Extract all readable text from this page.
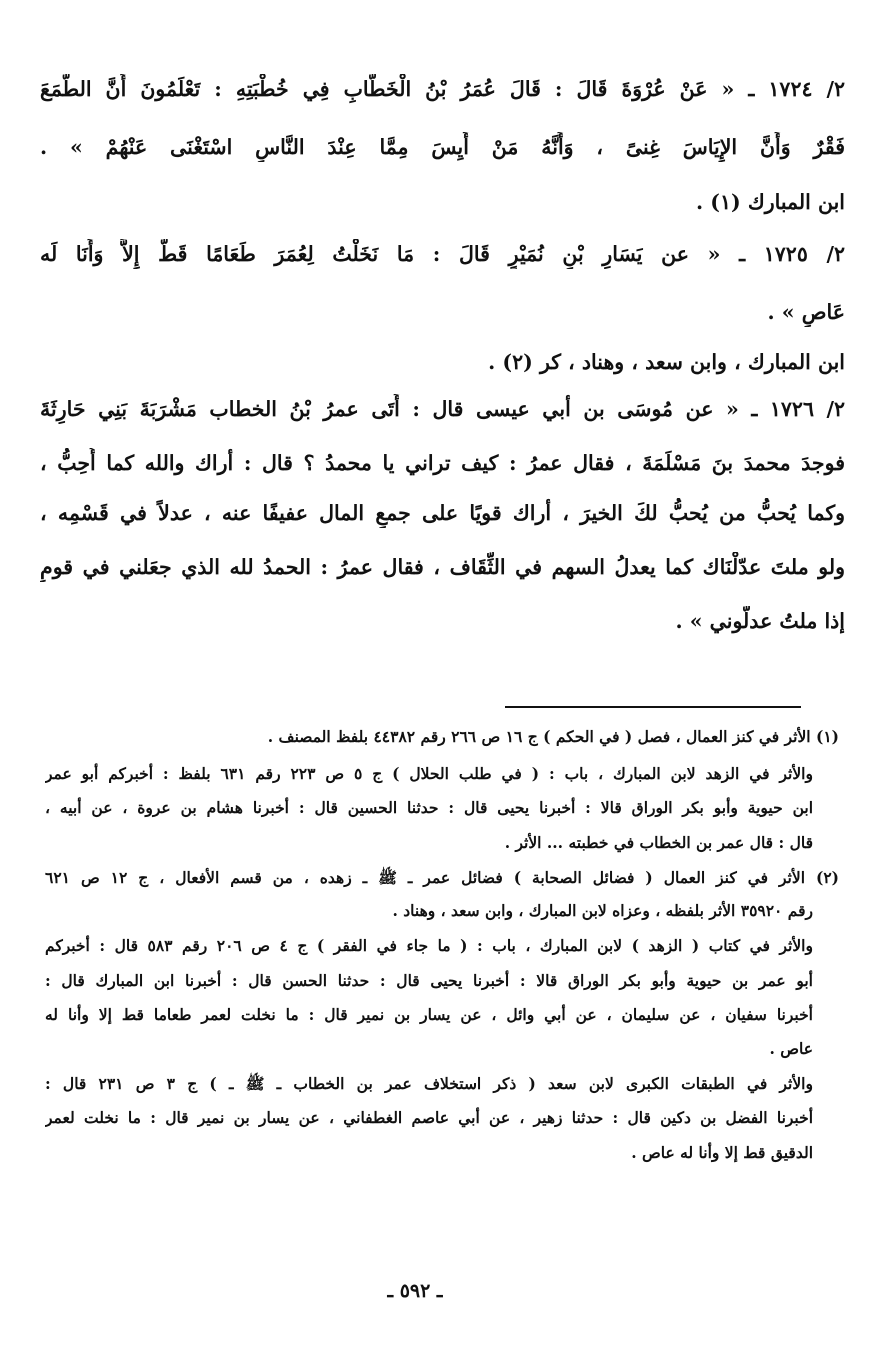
٢/ ١٧٢٤ ـ « عَنْ عُرْوَةَ قَالَ : قَالَ عُمَرُ بْنُ الْخَطَّابِ فِي خُطْبَتِهِ : تَعْلَمُونَ أَنَّ الطَّمَعَ

فَقْرٌ وَأَنَّ الإِيَاسَ غِنىً ، وَأَنَّهُ مَنْ أَيِسَ مِمَّا عِنْدَ النَّاسِ اسْتَغْنَى عَنْهُمْ » .

ابن المبارك (١) .

٢/ ١٧٢٥ ـ « عن يَسَارِ بْنِ نُمَيْرٍ قَالَ : مَا نَخَلْتُ لِعُمَرَ طَعَامًا قَطُّ إِلاَّ وَأَنَا لَه

عَاصٍ » .

ابن المبارك ، وابن سعد ، وهناد ، كر (٢) .

٢/ ١٧٢٦ ـ « عن مُوسَى بن أبي عيسى قال : أَتَى عمرُ بْنُ الخطاب مَشْرَبَةَ بَنِي حَارِثَةَ

فوجدَ محمدَ بنَ مَسْلَمَةَ ، فقال عمرُ : كيف تراني يا محمدُ ؟ قال : أراك والله كما أُحِبُّ ،

وكما يُحبُّ من يُحبُّ لكَ الخيرَ ، أراك قويًا على جمعِ المال عفيفًا عنه ، عدلاً في قَسْمِه ،

ولو ملتَ عدّلْنَاك كما يعدلُ السهم في الثِّقَاف ، فقال عمرُ : الحمدُ لله الذي جعَلني في قومٍ

إذا ملتُ عدلُّوني » .

(١) الأثر في كنز العمال ، فصل ( في الحكم ) ج ١٦ ص ٢٦٦ رقم ٤٤٣٨٢ بلفظ المصنف .

والأثر في الزهد لابن المبارك ، باب : ( في طلب الحلال ) ج ٥ ص ٢٢٣ رقم ٦٣١ بلفظ : أخبركم أبو عمر

ابن حيوية وأبو بكر الوراق قالا : أخبرنا يحيى قال : حدثنا الحسين قال : أخبرنا هشام بن عروة ، عن أبيه ،

قال : قال عمر بن الخطاب في خطبته ... الأثر .

(٢) الأثر في كنز العمال ( فضائل الصحابة ) فضائل عمر ـ ﷺ ـ زهده ، من قسم الأفعال ، ج ١٢ ص ٦٢١

رقم ٣٥٩٢٠ الأثر بلفظه ، وعزاه لابن المبارك ، وابن سعد ، وهناد .

والأثر في كتاب ( الزهد ) لابن المبارك ، باب : ( ما جاء في الفقر ) ج ٤ ص ٢٠٦ رقم ٥٨٣ قال : أخبركم

أبو عمر بن حيوية وأبو بكر الوراق قالا : أخبرنا يحيى قال : حدثنا الحسن قال : أخبرنا ابن المبارك قال :

أخبرنا سفيان ، عن سليمان ، عن أبي وائل ، عن يسار بن نمير قال : ما نخلت لعمر طعاما قط إلا وأنا له

عاص .

والأثر في الطبقات الكبرى لابن سعد ( ذكر استخلاف عمر بن الخطاب ـ ﷺ ـ ) ج ٣ ص ٢٣١ قال :

أخبرنا الفضل بن دكين قال : حدثنا زهير ، عن أبي عاصم الغطفاني ، عن يسار بن نمير قال : ما نخلت لعمر

الدقيق قط إلا وأنا له عاص .

ـ ٥٩٢ ـ
